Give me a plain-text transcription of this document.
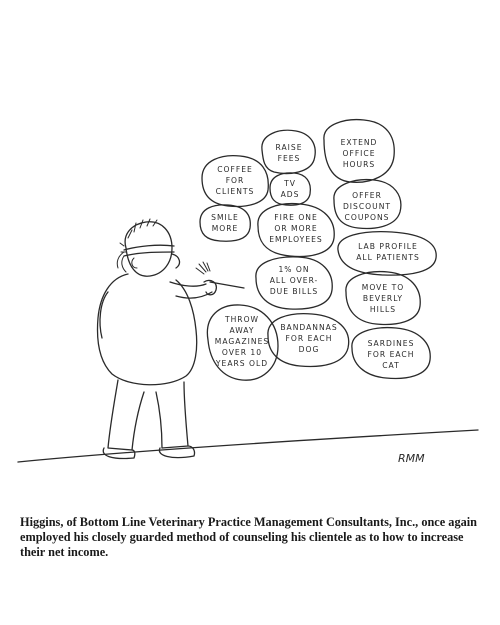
RAISE FEES
EXTEND OFFICE HOURS
COFFEE FOR CLIENTS
TV ADS	OFFER DISCOUNT COUPONS
SMILE MORE
FIRE ONE OR MORE EMPLOYEES
LAB PROFILE ALL PATIENTS
1% ON ALL OVER-DUE BILLS	MOVE TO BEVERLY HILLS
THROW AWAY MAGAZINES OVER 10 YEARS OLD
BANDANNAS FOR EACH DOG
SARDINES FOR EACH CAT
RMM
Higgins, of Bottom Line Veterinary Practice Management Consultants, Inc., once again employed his closely guarded method of counseling his clientele as to how to increase their net income.
